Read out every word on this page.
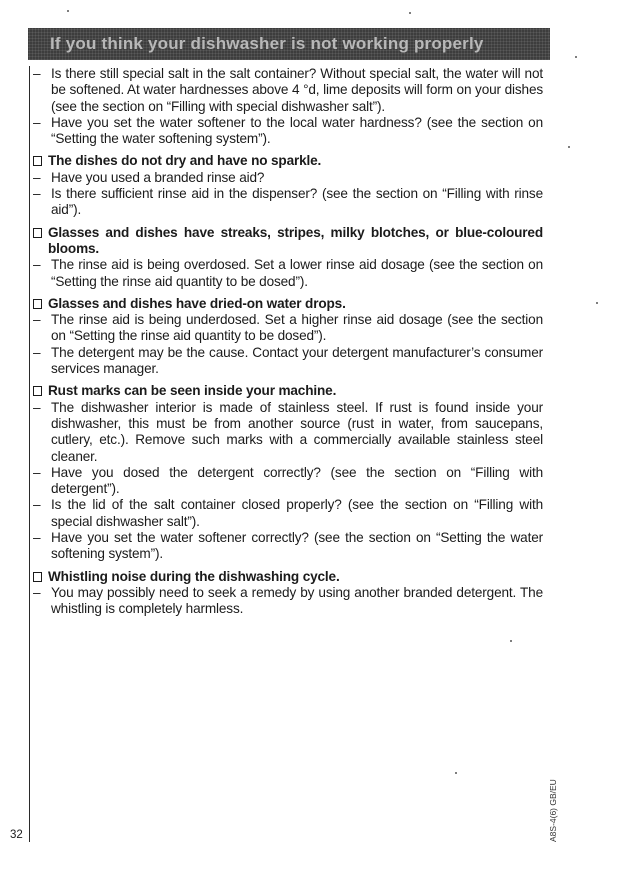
If you think your dishwasher is not working properly
– Is there still special salt in the salt container? Without special salt, the water will not be softened. At water hardnesses above 4 °d, lime deposits will form on your dishes (see the section on “Filling with special dishwasher salt”).
– Have you set the water softener to the local water hardness? (see the section on “Setting the water softening system”).
The dishes do not dry and have no sparkle.
– Have you used a branded rinse aid?
– Is there sufficient rinse aid in the dispenser? (see the section on “Filling with rinse aid”).
Glasses and dishes have streaks, stripes, milky blotches, or blue-coloured blooms.
– The rinse aid is being overdosed. Set a lower rinse aid dosage (see the section on “Setting the rinse aid quantity to be dosed”).
Glasses and dishes have dried-on water drops.
– The rinse aid is being underdosed. Set a higher rinse aid dosage (see the section on “Setting the rinse aid quantity to be dosed”).
– The detergent may be the cause. Contact your detergent manufacturer’s consumer services manager.
Rust marks can be seen inside your machine.
– The dishwasher interior is made of stainless steel. If rust is found inside your dishwasher, this must be from another source (rust in water, from saucepans, cutlery, etc.). Remove such marks with a commercially available stainless steel cleaner.
– Have you dosed the detergent correctly? (see the section on “Filling with detergent”).
– Is the lid of the salt container closed properly? (see the section on “Filling with special dishwasher salt”).
– Have you set the water softener correctly? (see the section on “Setting the water softening system”).
Whistling noise during the dishwashing cycle.
– You may possibly need to seek a remedy by using another branded detergent. The whistling is completely harmless.
32	A8S-4(6) GB/EU
